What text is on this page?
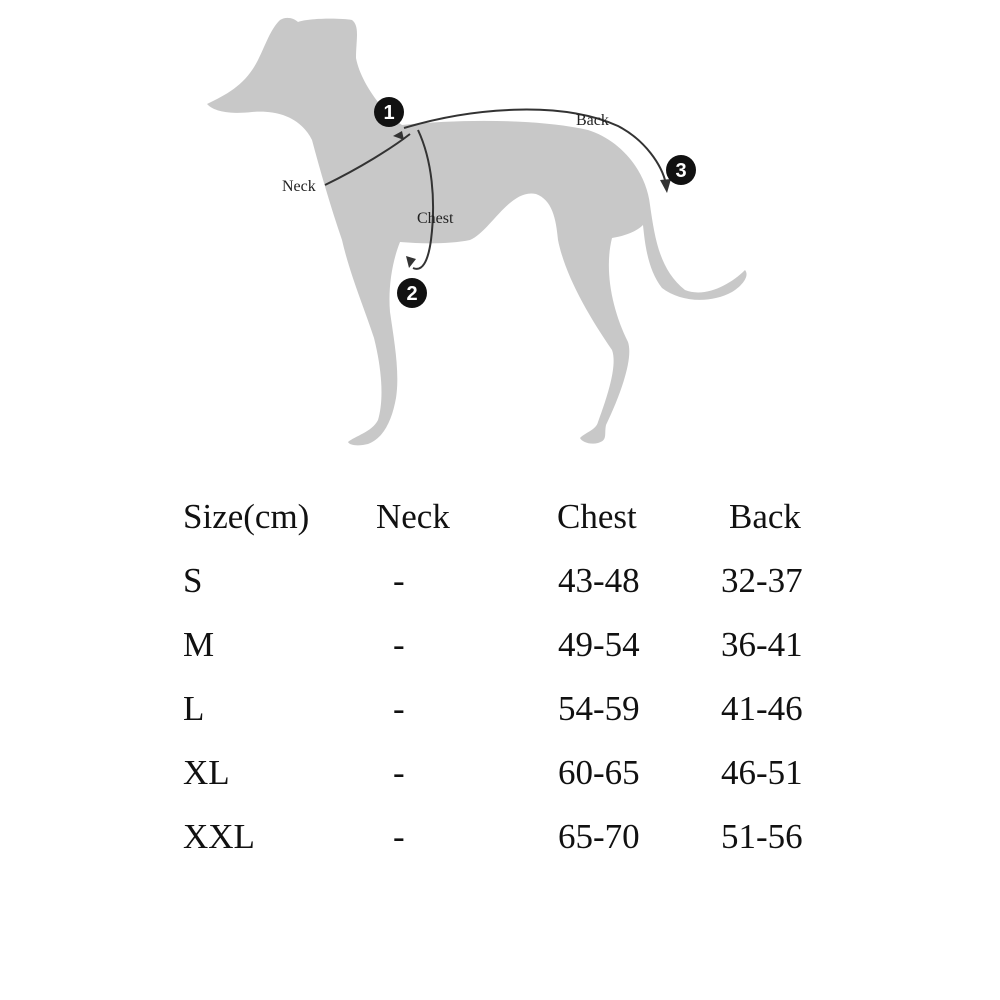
1
2
3
Neck
Chest
Back
Size(cm) Neck	Chest	Back
S	-	43-48 32-37
M	-	49-54 36-41
L	-	54-59 41-46
XL	-	60-65 46-51
XXL	-	65-70 51-56
